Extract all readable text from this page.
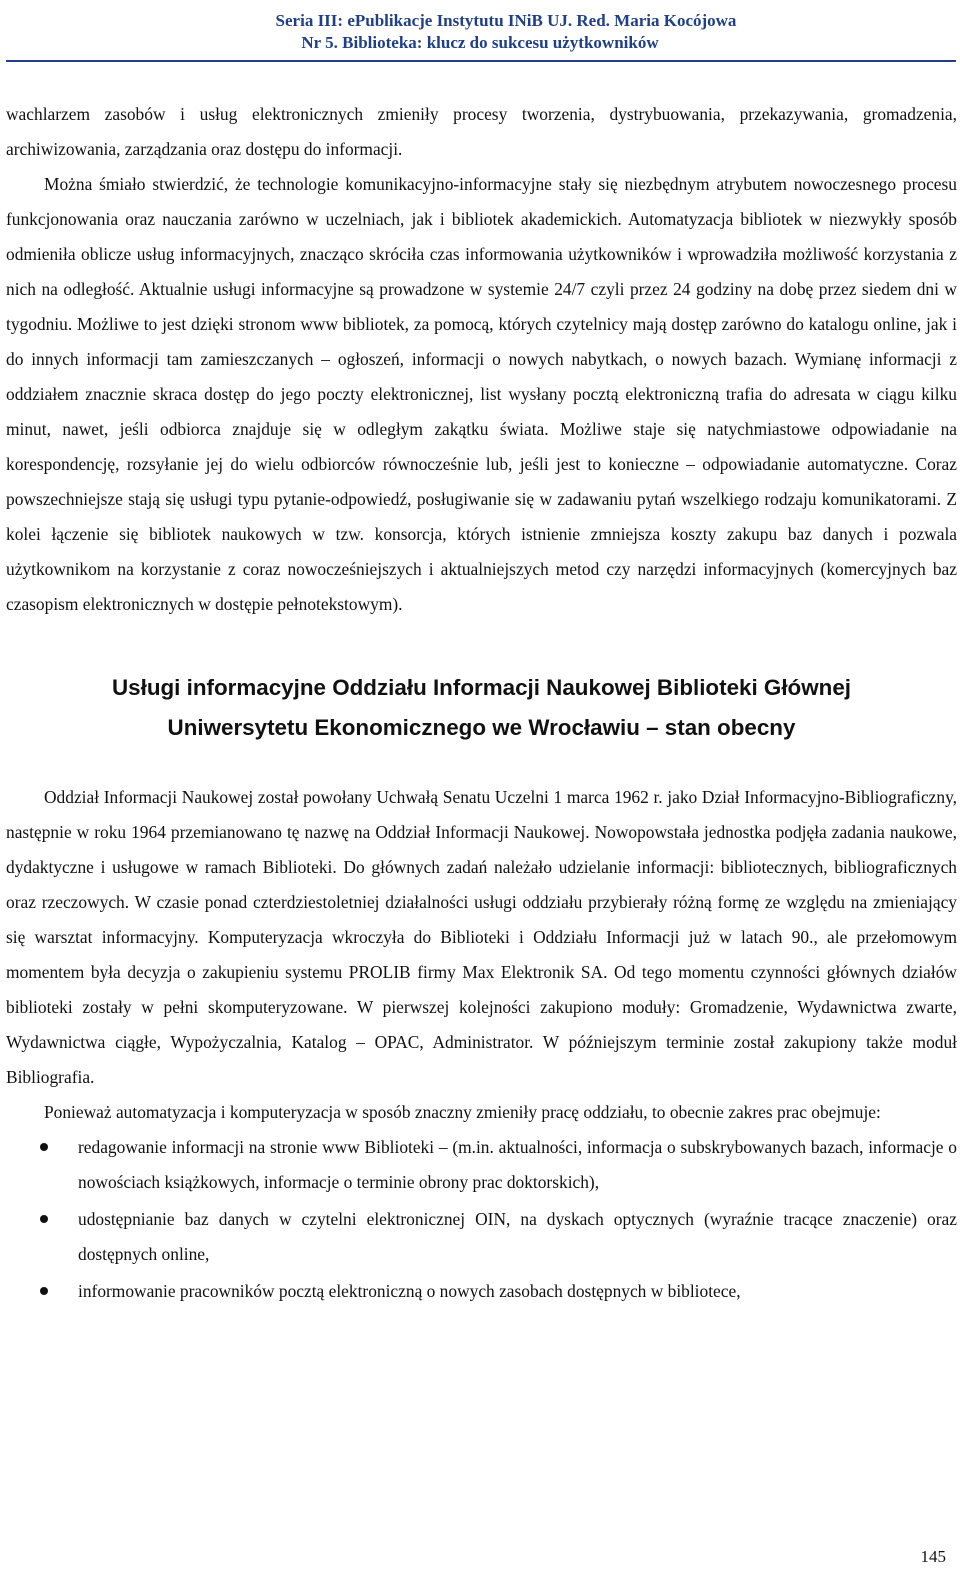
Seria III: ePublikacje Instytutu INiB UJ. Red. Maria Kocójowa
Nr 5. Biblioteka: klucz do sukcesu użytkowników

wachlarzem zasobów i usług elektronicznych zmieniły procesy tworzenia, dystrybuowania, przekazywania, gromadzenia, archiwizowania, zarządzania oraz dostępu do informacji.

Można śmiało stwierdzić, że technologie komunikacyjno-informacyjne stały się niezbędnym atrybutem nowoczesnego procesu funkcjonowania oraz nauczania zarówno w uczelniach, jak i bibliotek akademickich. Automatyzacja bibliotek w niezwykły sposób odmieniła oblicze usług informacyjnych, znacząco skróciła czas informowania użytkowników i wprowadziła możliwość korzystania z nich na odległość. Aktualnie usługi informacyjne są prowadzone w systemie 24/7 czyli przez 24 godziny na dobę przez siedem dni w tygodniu. Możliwe to jest dzięki stronom www bibliotek, za pomocą, których czytelnicy mają dostęp zarówno do katalogu online, jak i do innych informacji tam zamieszczanych – ogłoszeń, informacji o nowych nabytkach, o nowych bazach. Wymianę informacji z oddziałem znacznie skraca dostęp do jego poczty elektronicznej, list wysłany pocztą elektroniczną trafia do adresata w ciągu kilku minut, nawet, jeśli odbiorca znajduje się w odległym zakątku świata. Możliwe staje się natychmiastowe odpowiadanie na korespondencję, rozsyłanie jej do wielu odbiorców równocześnie lub, jeśli jest to konieczne – odpowiadanie automatyczne. Coraz powszechniejsze stają się usługi typu pytanie-odpowiedź, posługiwanie się w zadawaniu pytań wszelkiego rodzaju komunikatorami. Z kolei łączenie się bibliotek naukowych w tzw. konsorcja, których istnienie zmniejsza koszty zakupu baz danych i pozwala użytkownikom na korzystanie z coraz nowocześniejszych i aktualniejszych metod czy narzędzi informacyjnych (komercyjnych baz czasopism elektronicznych w dostępie pełnotekstowym).

Usługi informacyjne Oddziału Informacji Naukowej Biblioteki Głównej
Uniwersytetu Ekonomicznego we Wrocławiu – stan obecny

Oddział Informacji Naukowej został powołany Uchwałą Senatu Uczelni 1 marca 1962 r. jako Dział Informacyjno-Bibliograficzny, następnie w roku 1964 przemianowano tę nazwę na Oddział Informacji Naukowej. Nowopowstała jednostka podjęła zadania naukowe, dydaktyczne i usługowe w ramach Biblioteki. Do głównych zadań należało udzielanie informacji: bibliotecznych, bibliograficznych oraz rzeczowych. W czasie ponad czterdziestoletniej działalności usługi oddziału przybierały różną formę ze względu na zmieniający się warsztat informacyjny. Komputeryzacja wkroczyła do Biblioteki i Oddziału Informacji już w latach 90., ale przełomowym momentem była decyzja o zakupieniu systemu PROLIB firmy Max Elektronik SA. Od tego momentu czynności głównych działów biblioteki zostały w pełni skomputeryzowane. W pierwszej kolejności zakupiono moduły: Gromadzenie, Wydawnictwa zwarte, Wydawnictwa ciągłe, Wypożyczalnia, Katalog – OPAC, Administrator. W późniejszym terminie został zakupiony także moduł Bibliografia.

Ponieważ automatyzacja i komputeryzacja w sposób znaczny zmieniły pracę oddziału, to obecnie zakres prac obejmuje:

redagowanie informacji na stronie www Biblioteki – (m.in. aktualności, informacja o subskrybowanych bazach, informacje o nowościach książkowych, informacje o terminie obrony prac doktorskich),
udostępnianie baz danych w czytelni elektronicznej OIN, na dyskach optycznych (wyraźnie tracące znaczenie) oraz dostępnych online,
informowanie pracowników pocztą elektroniczną o nowych zasobach dostępnych w bibliotece,
145
